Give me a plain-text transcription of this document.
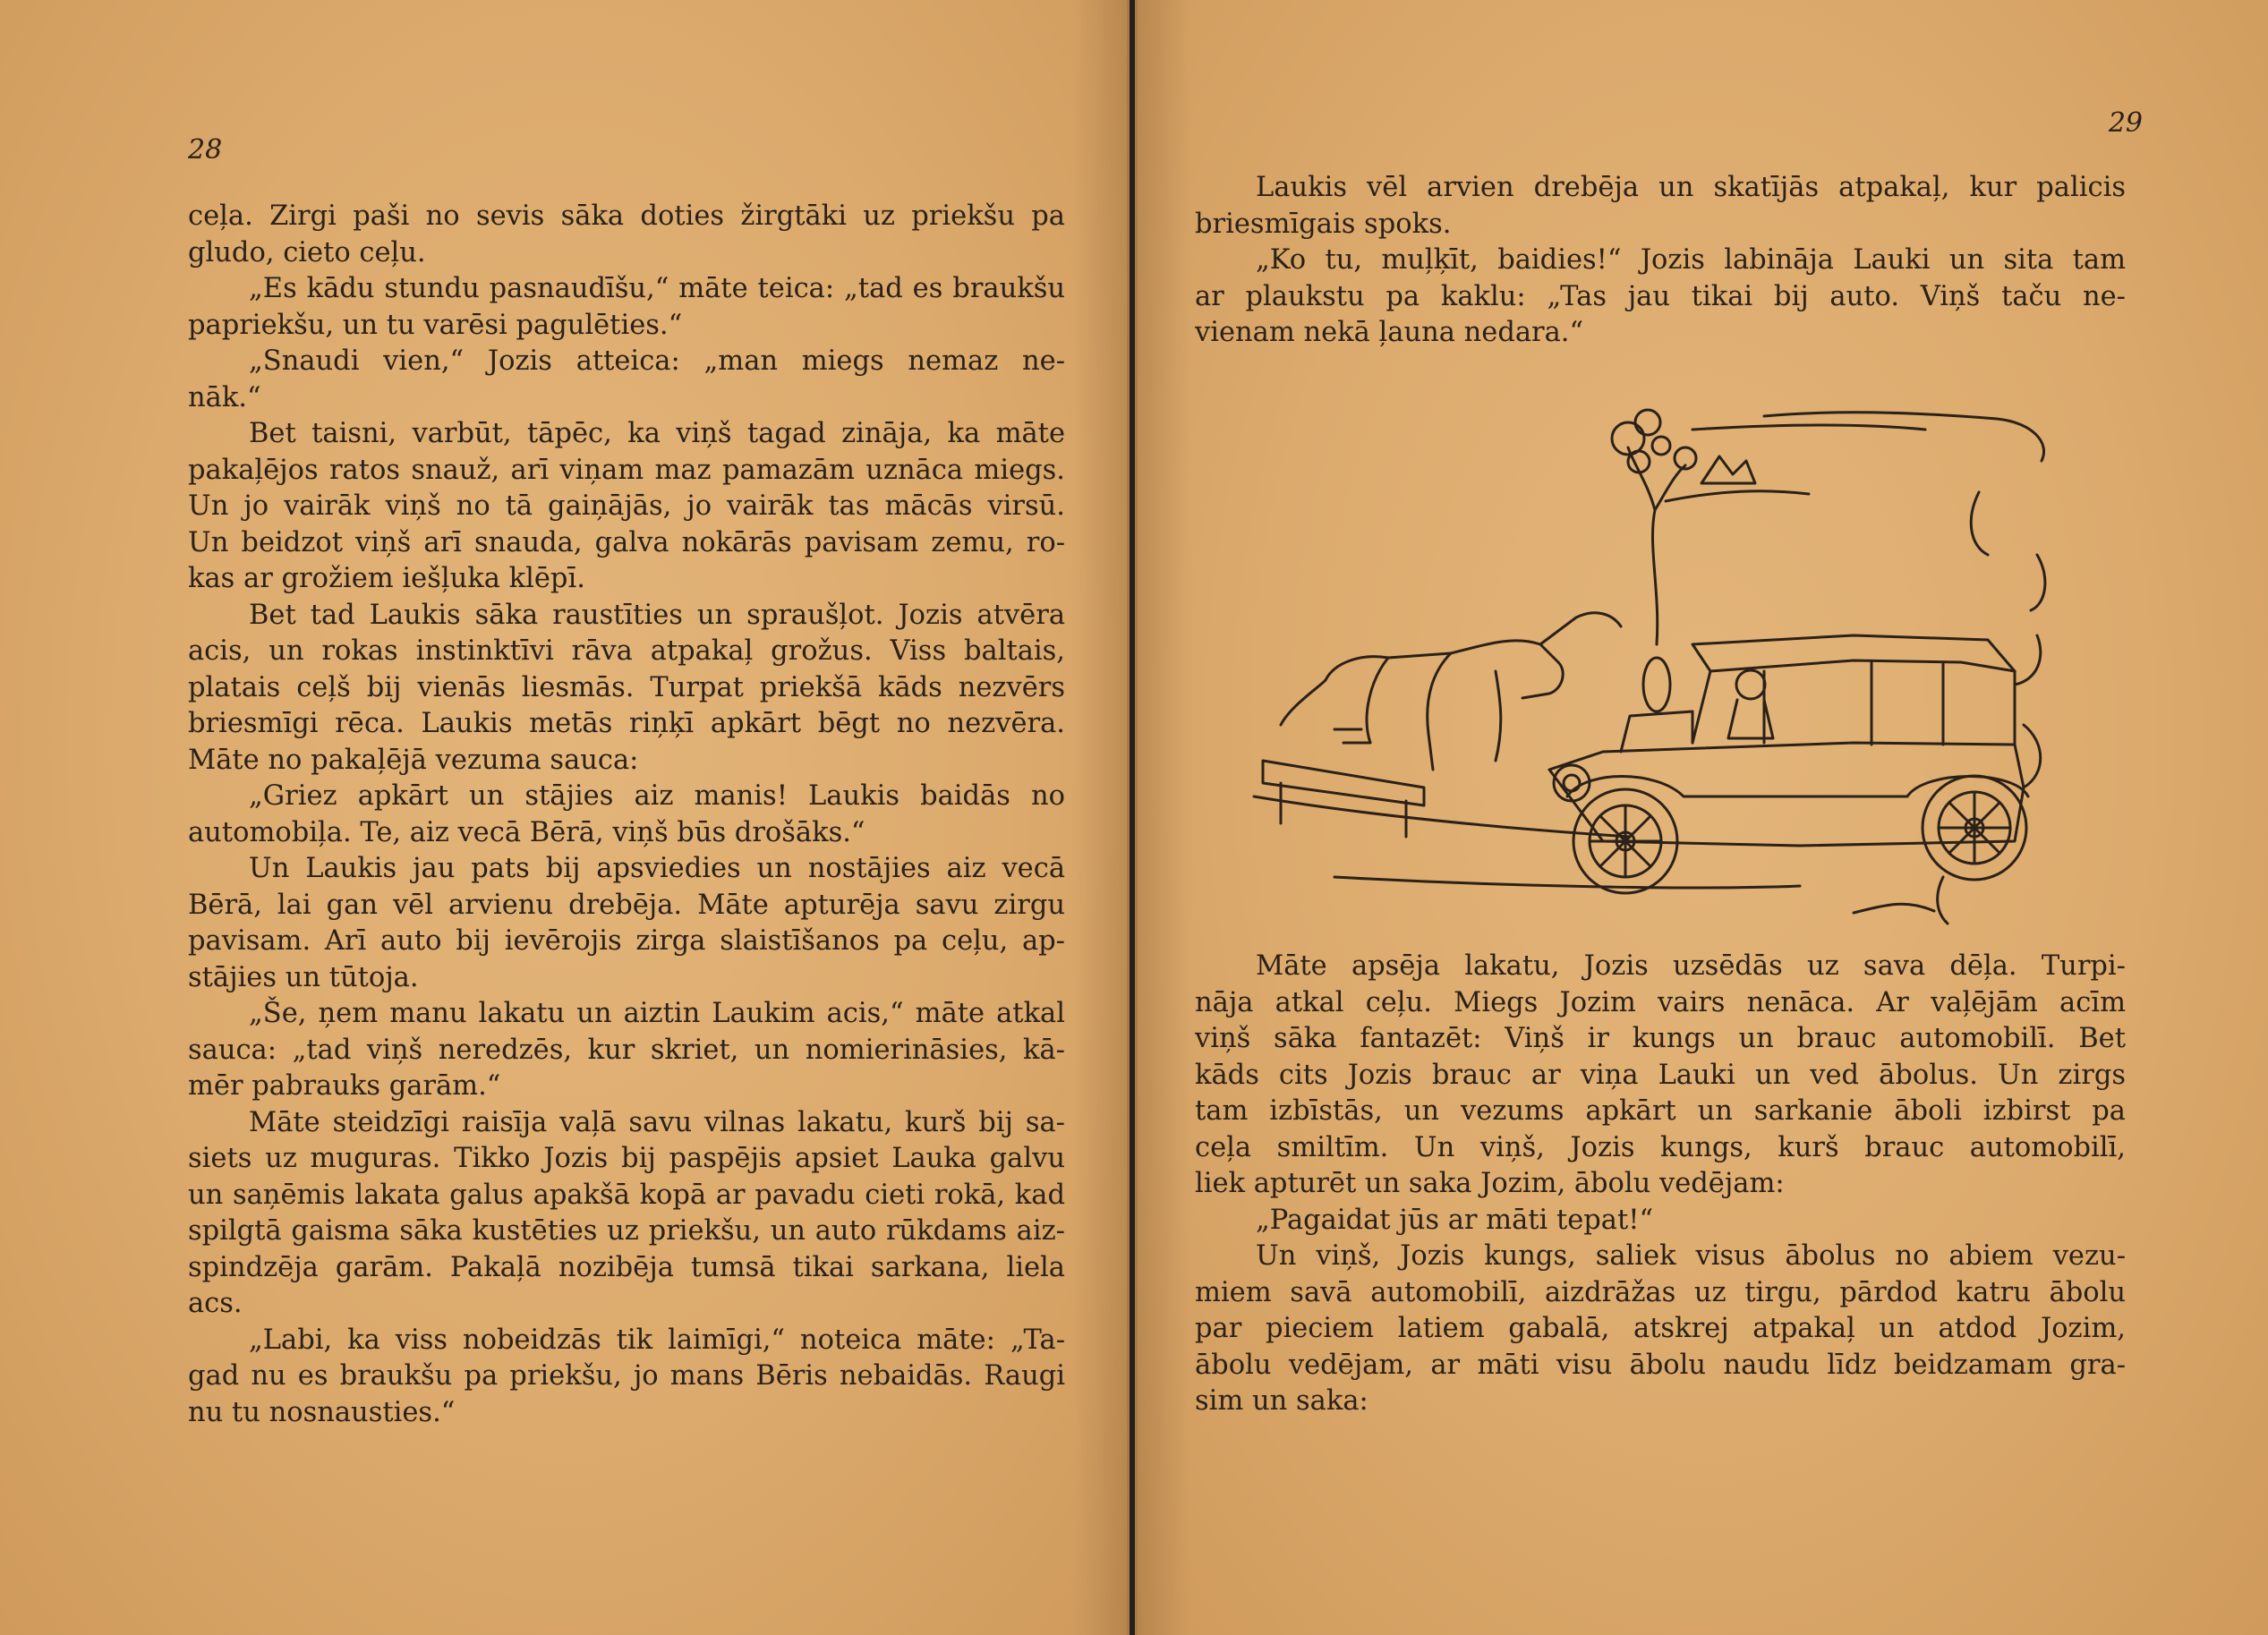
28
ceļa. Zirgi paši no sevis sāka doties žirgtāki uz priekšu pa
gludo, cieto ceļu.
„Es kādu stundu pasnaudīšu,“ māte teica: „tad es braukšu
papriekšu, un tu varēsi pagulēties.“
„Snaudi vien,“ Jozis atteica: „man miegs nemaz ne-
nāk.“
Bet taisni, varbūt, tāpēc, ka viņš tagad zināja, ka māte
pakaļējos ratos snauž, arī viņam maz pamazām uznāca miegs.
Un jo vairāk viņš no tā gaiņājās, jo vairāk tas mācās virsū.
Un beidzot viņš arī snauda, galva nokārās pavisam zemu, ro-
kas ar grožiem iešļuka klēpī.
Bet tad Laukis sāka raustīties un spraušļot. Jozis atvēra
acis, un rokas instinktīvi rāva atpakaļ grožus. Viss baltais,
platais ceļš bij vienās liesmās. Turpat priekšā kāds nezvērs
briesmīgi rēca. Laukis metās riņķī apkārt bēgt no nezvēra.
Māte no pakaļējā vezuma sauca:
„Griez apkārt un stājies aiz manis! Laukis baidās no
automobiļa. Te, aiz vecā Bērā, viņš būs drošāks.“
Un Laukis jau pats bij apsviedies un nostājies aiz vecā
Bērā, lai gan vēl arvienu drebēja. Māte apturēja savu zirgu
pavisam. Arī auto bij ievērojis zirga slaistīšanos pa ceļu, ap-
stājies un tūtoja.
„Še, ņem manu lakatu un aiztin Laukim acis,“ māte atkal
sauca: „tad viņš neredzēs, kur skriet, un nomierināsies, kā-
mēr pabrauks garām.“
Māte steidzīgi raisīja vaļā savu vilnas lakatu, kurš bij sa-
siets uz muguras. Tikko Jozis bij paspējis apsiet Lauka galvu
un saņēmis lakata galus apakšā kopā ar pavadu cieti rokā, kad
spilgtā gaisma sāka kustēties uz priekšu, un auto rūkdams aiz-
spindzēja garām. Pakaļā nozibēja tumsā tikai sarkana, liela
acs.
„Labi, ka viss nobeidzās tik laimīgi,“ noteica māte: „Ta-
gad nu es braukšu pa priekšu, jo mans Bēris nebaidās. Raugi
nu tu nosnausties.“
29
Laukis vēl arvien drebēja un skatījās atpakaļ, kur palicis
briesmīgais spoks.
„Ko tu, muļķīt, baidies!“ Jozis labināja Lauki un sita tam
ar plaukstu pa kaklu: „Tas jau tikai bij auto. Viņš taču ne-
vienam nekā ļauna nedara.“
Māte apsēja lakatu, Jozis uzsēdās uz sava dēļa. Turpi-
nāja atkal ceļu. Miegs Jozim vairs nenāca. Ar vaļējām acīm
viņš sāka fantazēt: Viņš ir kungs un brauc automobilī. Bet
kāds cits Jozis brauc ar viņa Lauki un ved ābolus. Un zirgs
tam izbīstās, un vezums apkārt un sarkanie āboli izbirst pa
ceļa smiltīm. Un viņš, Jozis kungs, kurš brauc automobilī,
liek apturēt un saka Jozim, ābolu vedējam:
„Pagaidat jūs ar māti tepat!“
Un viņš, Jozis kungs, saliek visus ābolus no abiem vezu-
miem savā automobilī, aizdrāžas uz tirgu, pārdod katru ābolu
par pieciem latiem gabalā, atskrej atpakaļ un atdod Jozim,
ābolu vedējam, ar māti visu ābolu naudu līdz beidzamam gra-
sim un saka:
